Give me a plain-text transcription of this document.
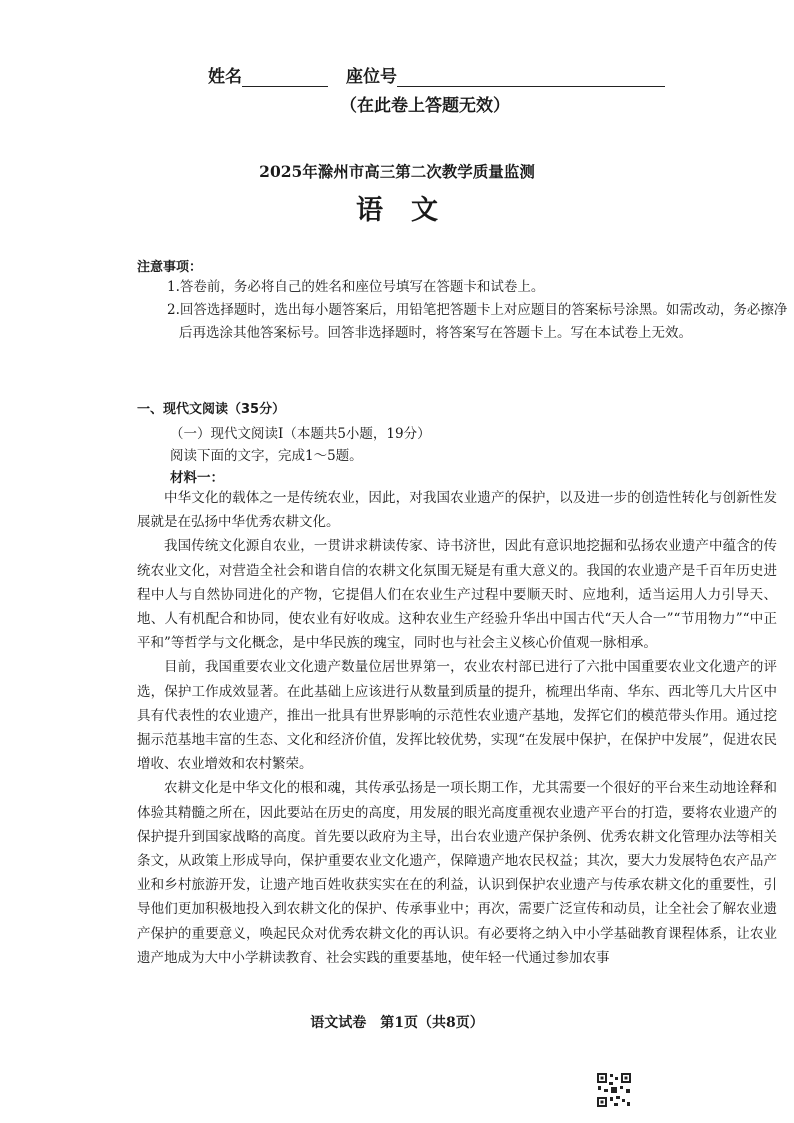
姓名	座位号
（在此卷上答题无效）
2025年滁州市高三第二次教学质量监测
语文
注意事项：
1.答卷前，务必将自己的姓名和座位号填写在答题卡和试卷上。
2.回答选择题时，选出每小题答案后，用铅笔把答题卡上对应题目的答案标号涂黑。如需改动，务必擦净后再选涂其他答案标号。回答非选择题时，将答案写在答题卡上。写在本试卷上无效。
一、现代文阅读（35分）
（一）现代文阅读Ⅰ（本题共5小题，19分）
阅读下面的文字，完成1～5题。
材料一：

中华文化的载体之一是传统农业，因此，对我国农业遗产的保护，以及进一步的创造性转化与创新性发展就是在弘扬中华优秀农耕文化。

我国传统文化源自农业，一贯讲求耕读传家、诗书济世，因此有意识地挖掘和弘扬农业遗产中蕴含的传统农业文化，对营造全社会和谐自信的农耕文化氛围无疑是有重大意义的。我国的农业遗产是千百年历史进程中人与自然协同进化的产物，它提倡人们在农业生产过程中要顺天时、应地利，适当运用人力引导天、地、人有机配合和协同，使农业有好收成。这种农业生产经验升华出中国古代“天人合一”“节用物力”“中正平和”等哲学与文化概念，是中华民族的瑰宝，同时也与社会主义核心价值观一脉相承。

目前，我国重要农业文化遗产数量位居世界第一，农业农村部已进行了六批中国重要农业文化遗产的评选，保护工作成效显著。在此基础上应该进行从数量到质量的提升，梳理出华南、华东、西北等几大片区中具有代表性的农业遗产，推出一批具有世界影响的示范性农业遗产基地，发挥它们的模范带头作用。通过挖掘示范基地丰富的生态、文化和经济价值，发挥比较优势，实现“在发展中保护，在保护中发展”，促进农民增收、农业增效和农村繁荣。

农耕文化是中华文化的根和魂，其传承弘扬是一项长期工作，尤其需要一个很好的平台来生动地诠释和体验其精髓之所在，因此要站在历史的高度，用发展的眼光高度重视农业遗产平台的打造，要将农业遗产的保护提升到国家战略的高度。首先要以政府为主导，出台农业遗产保护条例、优秀农耕文化管理办法等相关条文，从政策上形成导向，保护重要农业文化遗产，保障遗产地农民权益；其次，要大力发展特色农产品产业和乡村旅游开发，让遗产地百姓收获实实在在的利益，认识到保护农业遗产与传承农耕文化的重要性，引导他们更加积极地投入到农耕文化的保护、传承事业中；再次，需要广泛宣传和动员，让全社会了解农业遗产保护的重要意义，唤起民众对优秀农耕文化的再认识。有必要将之纳入中小学基础教育课程体系，让农业遗产地成为大中小学耕读教育、社会实践的重要基地，使年轻一代通过参加农事

语文试卷　第1页（共8页）
